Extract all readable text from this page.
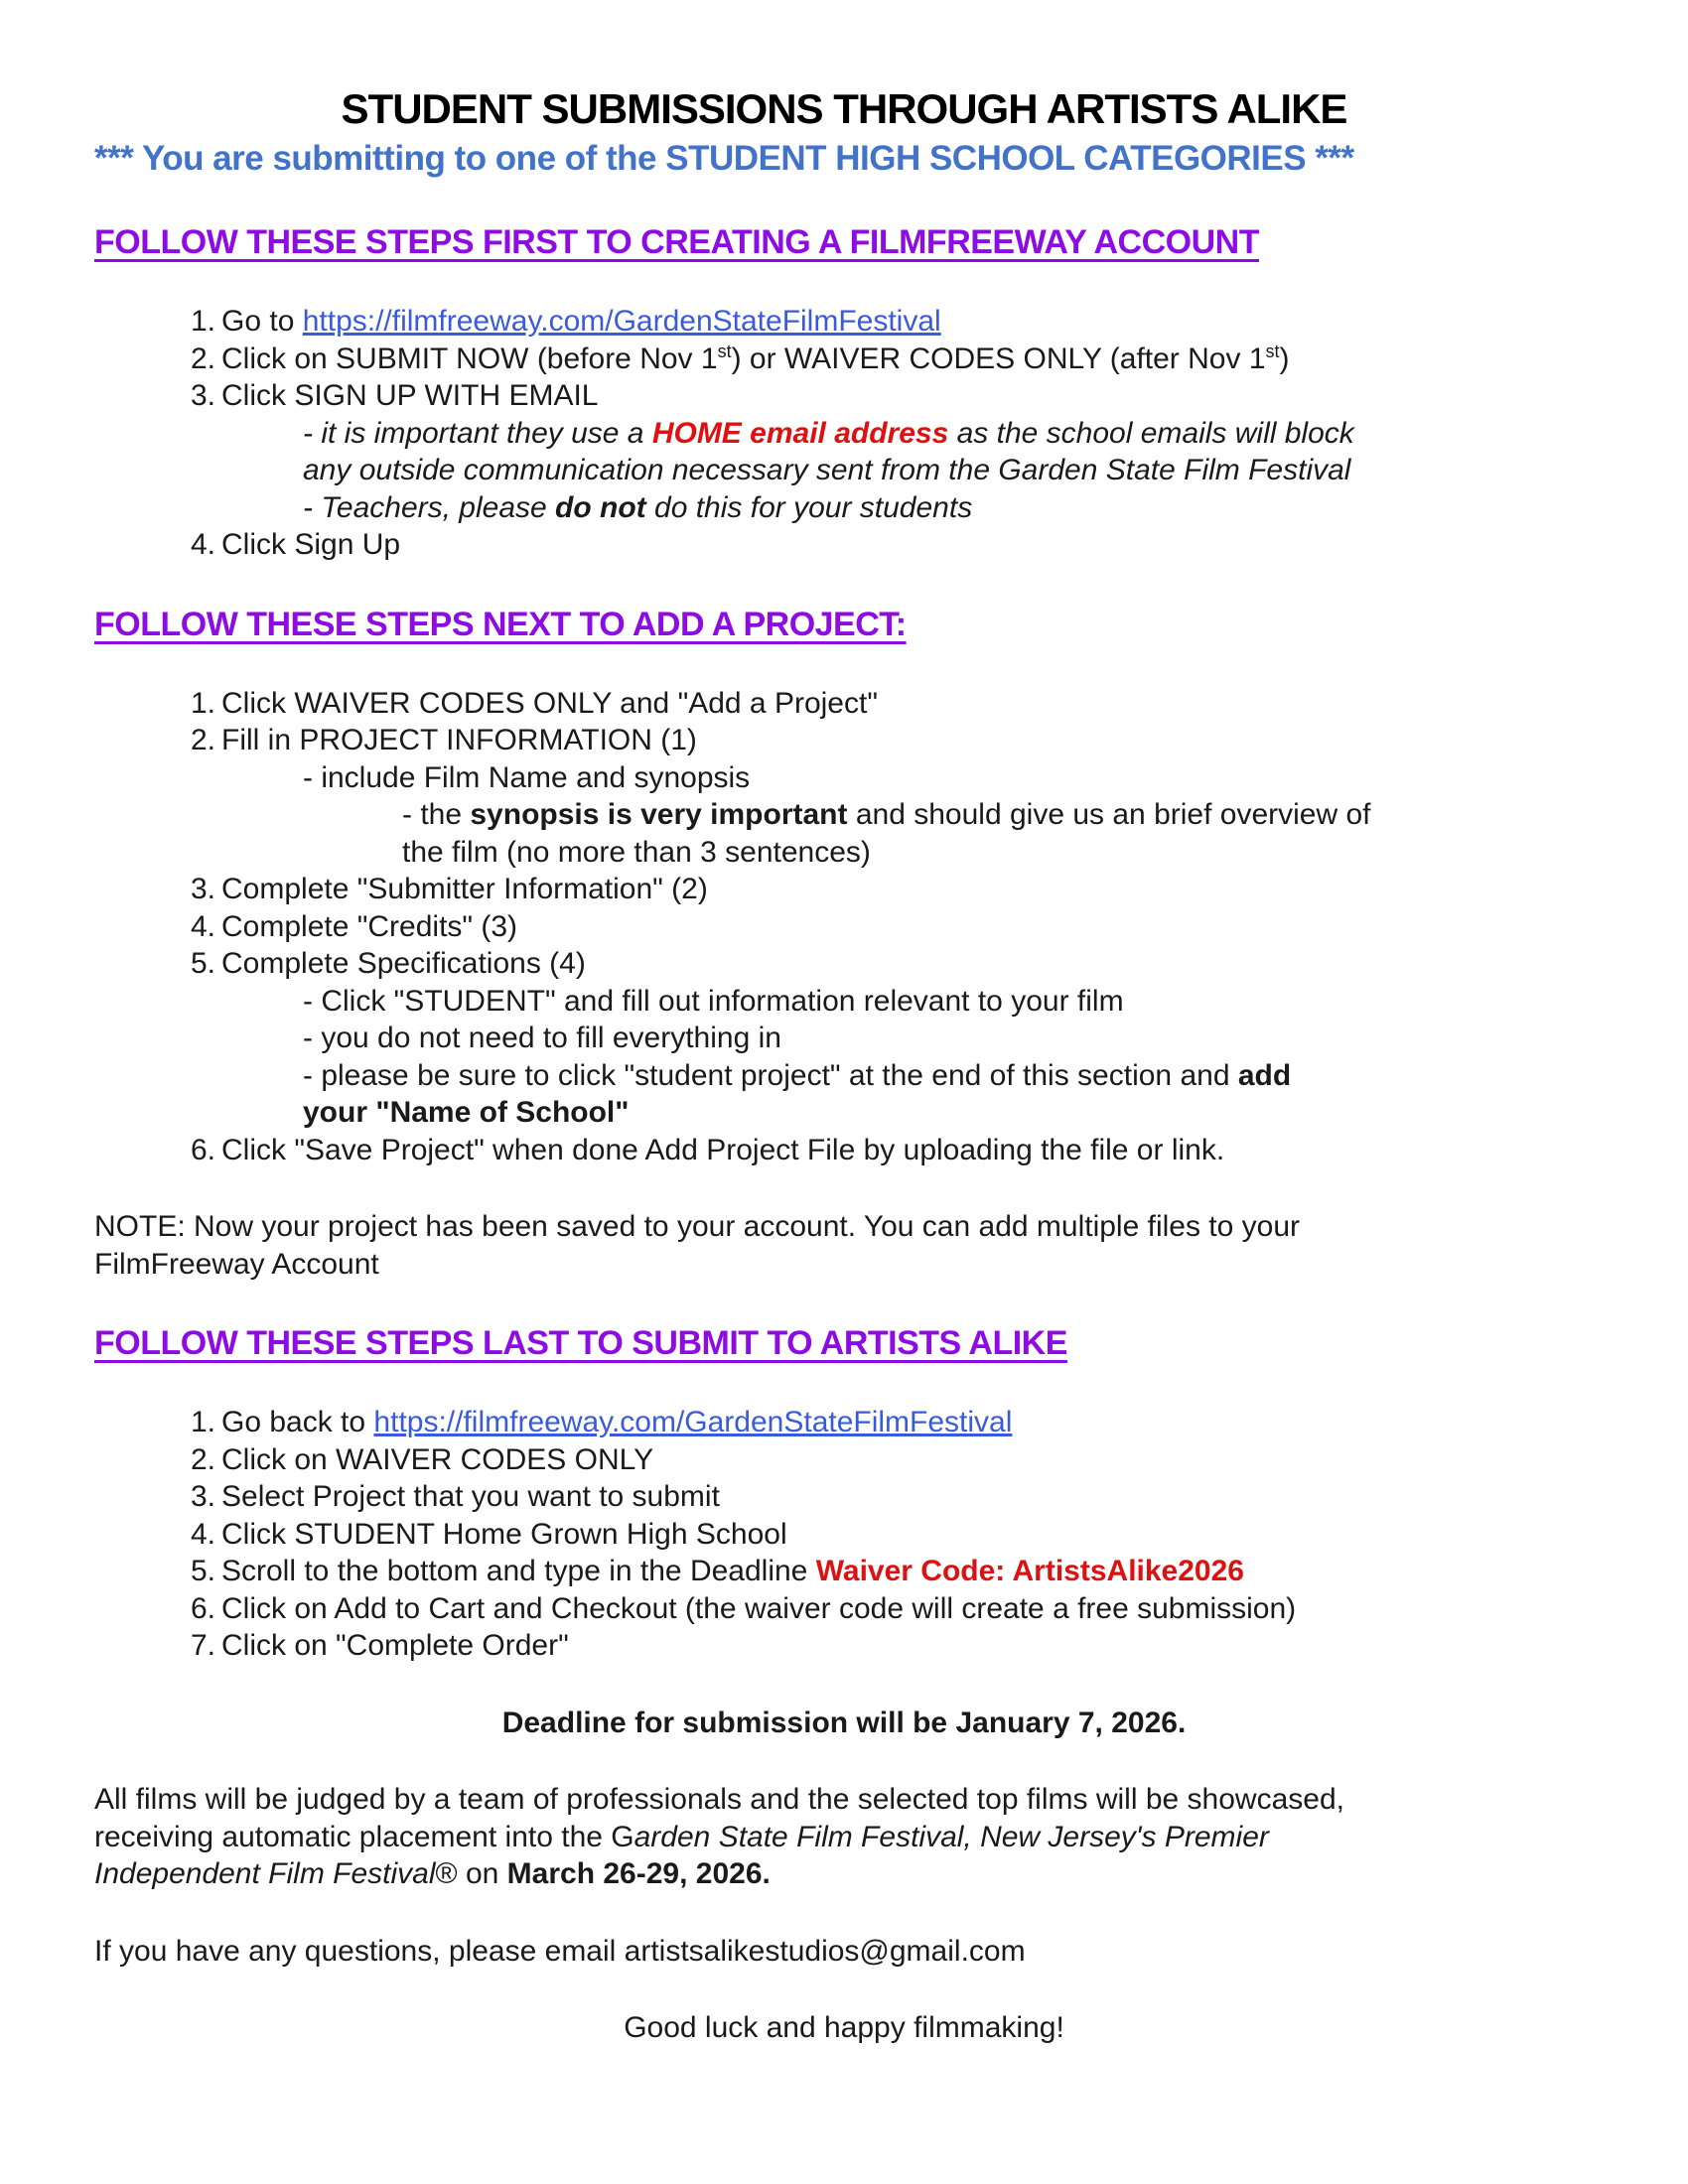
STUDENT SUBMISSIONS THROUGH ARTISTS ALIKE
*** You are submitting to one of the STUDENT HIGH SCHOOL CATEGORIES ***
FOLLOW THESE STEPS FIRST TO CREATING A FILMFREEWAY ACCOUNT
1. Go to https://filmfreeway.com/GardenStateFilmFestival
2. Click on SUBMIT NOW (before Nov 1st) or WAIVER CODES ONLY (after Nov 1st)
3. Click SIGN UP WITH EMAIL
- it is important they use a HOME email address as the school emails will block
any outside communication necessary sent from the Garden State Film Festival
- Teachers, please do not do this for your students
4. Click Sign Up
FOLLOW THESE STEPS NEXT TO ADD A PROJECT:
1. Click WAIVER CODES ONLY and "Add a Project"
2. Fill in PROJECT INFORMATION (1)
- include Film Name and synopsis
- the synopsis is very important and should give us an brief overview of
the film (no more than 3 sentences)
3. Complete "Submitter Information" (2)
4. Complete "Credits" (3)
5. Complete Specifications (4)
- Click "STUDENT" and fill out information relevant to your film
- you do not need to fill everything in
- please be sure to click "student project" at the end of this section and add
your "Name of School"
6. Click "Save Project" when done Add Project File by uploading the file or link.
NOTE: Now your project has been saved to your account. You can add multiple files to your
FilmFreeway Account
FOLLOW THESE STEPS LAST TO SUBMIT TO ARTISTS ALIKE
1. Go back to https://filmfreeway.com/GardenStateFilmFestival
2. Click on WAIVER CODES ONLY
3. Select Project that you want to submit
4. Click STUDENT Home Grown High School
5. Scroll to the bottom and type in the Deadline Waiver Code: ArtistsAlike2026
6. Click on Add to Cart and Checkout (the waiver code will create a free submission)
7. Click on "Complete Order"
Deadline for submission will be January 7, 2026.
All films will be judged by a team of professionals and the selected top films will be showcased,
receiving automatic placement into the Garden State Film Festival, New Jersey's Premier
Independent Film Festival® on March 26-29, 2026.
If you have any questions, please email artistsalikestudios@gmail.com
Good luck and happy filmmaking!
